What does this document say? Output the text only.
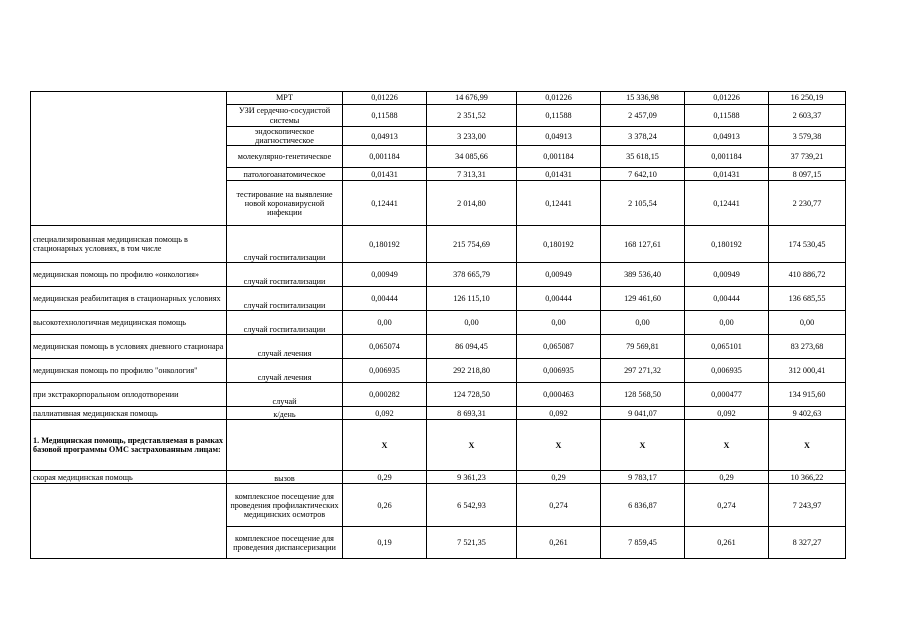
	МРТ	0,01226	14 676,99	0,01226	15 336,98	0,01226	16 250,19
	УЗИ сердечно-сосудистой системы	0,11588	2 351,52	0,11588	2 457,09	0,11588	2 603,37
	эндоскопическое диагностическое	0,04913	3 233,00	0,04913	3 378,24	0,04913	3 579,38
	молекулярно-генетическое	0,001184	34 085,66	0,001184	35 618,15	0,001184	37 739,21
	патологоанатомическое	0,01431	7 313,31	0,01431	7 642,10	0,01431	8 097,15
	тестирование на выявление новой коронавирусной инфекции	0,12441	2 014,80	0,12441	2 105,54	0,12441	2 230,77
специализированная медицинская помощь в стационарных условиях, в том числе	случай госпитализации	0,180192	215 754,69	0,180192	168 127,61	0,180192	174 530,45
медицинская помощь по профилю «онкология»	случай госпитализации	0,00949	378 665,79	0,00949	389 536,40	0,00949	410 886,72
медицинская реабилитация в стационарных условиях	случай госпитализации	0,00444	126 115,10	0,00444	129 461,60	0,00444	136 685,55
высокотехнологичная медицинская помощь	случай госпитализации	0,00	0,00	0,00	0,00	0,00	0,00
медицинская помощь в условиях дневного стационара	случай лечения	0,065074	86 094,45	0,065087	79 569,81	0,065101	83 273,68
медицинская помощь по профилю "онкология"	случай лечения	0,006935	292 218,80	0,006935	297 271,32	0,006935	312 000,41
при экстракорпоральном оплодотворении	случай	0,000282	124 728,50	0,000463	128 568,50	0,000477	134 915,60
паллиативная медицинская помощь	к/день	0,092	8 693,31	0,092	9 041,07	0,092	9 402,63
1. Медицинская помощь, представляемая в рамках базовой программы ОМС застрахованным лицам:		Х	Х	Х	Х	Х	Х
скорая медицинская помощь	вызов	0,29	9 361,23	0,29	9 783,17	0,29	10 366,22
	комплексное посещение для проведения профилактических медицинских осмотров	0,26	6 542,93	0,274	6 836,87	0,274	7 243,97
	комплексное посещение для проведения диспансеризации	0,19	7 521,35	0,261	7 859,45	0,261	8 327,27
